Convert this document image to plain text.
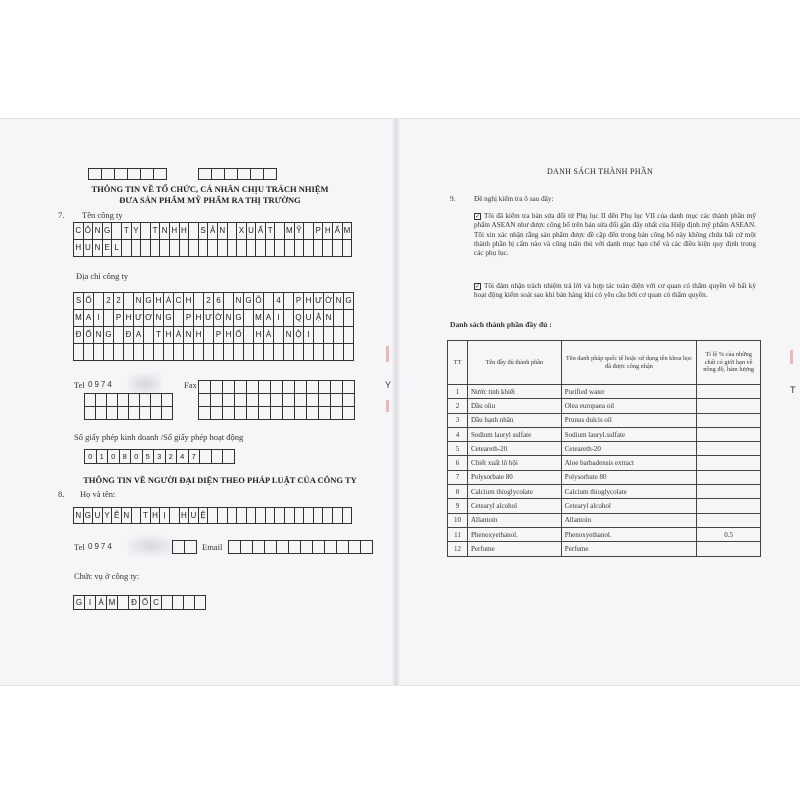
THÔNG TIN VỀ TỔ CHỨC, CÁ NHÂN CHỊU TRÁCH NHIỆM
ĐƯA SẢN PHẨM MỸ PHẨM RA THỊ TRƯỜNG
7. Tên công ty
C Ô N G T Y	T N H H	S Ả N	X U Ấ T	M Ỹ	P H Ẩ M
H U N E L
Địa chỉ công ty
S Ố 2 2	N G H Á C H	2 6	N G Õ 4	P H Ư Ờ N G
M A I	P H Ư Ơ N G P H Ư Ờ N G M A I	Q U Ậ N
Đ Ố N G Đ A	T H À N H	P H Ố H À	N Ộ I
Tel 0974	Fax
Số giấy phép kinh doanh /Số giấy phép hoạt động
0 1 0 8 0 5 3 2 4 7
THÔNG TIN VỀ NGƯỜI ĐẠI DIỆN THEO PHÁP LUẬT CỦA CÔNG TY
8. Họ và tên:
N G U Y Ễ N	T H Ị	H U Ệ
Tel 0974	Email
Chức vụ ở công ty:
G I Á M	Đ Ố C
Y
DANH SÁCH THÀNH PHẦN
9.	Đề nghị kiểm tra ô sau đây:
✓ Tôi đã kiểm tra bản sửa đổi từ Phụ lục II đến Phụ lục VII của danh mục các thành phần mỹ phẩm ASEAN như được công bố trên bản sửa đổi gần đây nhất của Hiệp định mỹ phẩm ASEAN. Tôi xin xác nhận rằng sản phẩm được đề cập đến trong bản công bố này không chứa bất cứ một thành phần bị cấm nào và cũng tuân thủ với danh mục hạn chế và các điều kiện quy định trong các phụ lục.
✓ Tôi đảm nhận trách nhiệm trả lời và hợp tác toàn diện với cơ quan có thẩm quyền về bất kỳ hoạt động kiểm soát sau khi bán hàng khi có yêu cầu bởi cơ quan có thẩm quyền.
Danh sách thành phần đầy đủ :
TT	Tên đầy đủ thành phần	Tên danh pháp quốc tế hoặc sử dụng tên khoa học đã được công nhận	Tỉ lệ % của những chất có giới hạn về nồng độ, hàm lượng
1	Nước tinh khiết	Purified water	
2	Dầu oliu	Olea europaea oil	
3	Dầu hạnh nhân	Prunus dulcis oil	
4	Sodium lauryl sulfate	Sodium lauryl.sulfate	
5	Ceteareth-20	Ceteareth-20	
6	Chiết xuất lô hội	Aloe barbadensis extract	
7	Polysorbate 80	Polysorbate 80	
8	Calcium thioglycolate	Calcium thioglycolate	
9	Cetearyl alcohol	Cetearyl alcohol	
10	Allantoin	Allantoin	
11	Phenoxyethanol.	Phenoxyethanol.	0.5
12	Perfume	Perfume	
T
